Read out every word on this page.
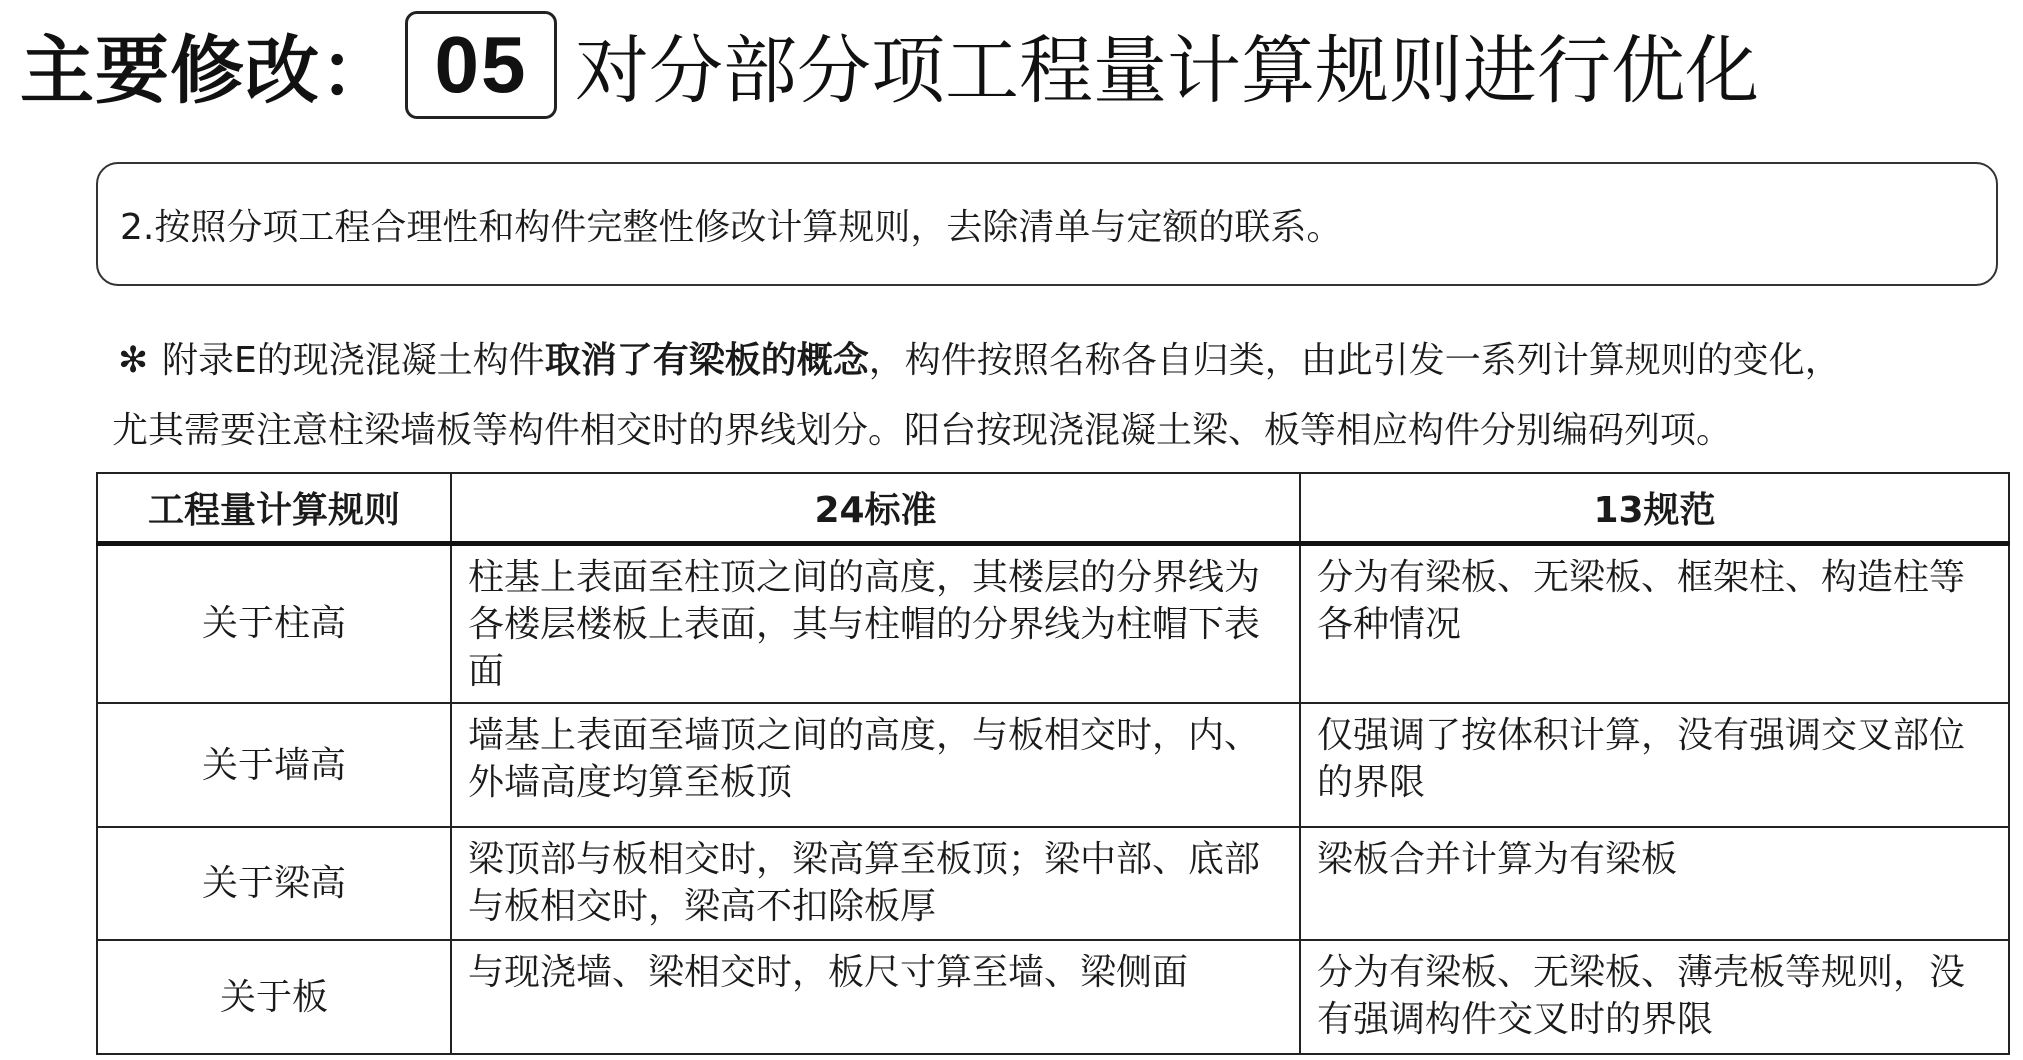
主要修改： 05 对分部分项工程量计算规则进行优化
2.按照分项工程合理性和构件完整性修改计算规则，去除清单与定额的联系。
✻ 附录E的现浇混凝土构件取消了有梁板的概念，构件按照名称各自归类，由此引发一系列计算规则的变化，
尤其需要注意柱梁墙板等构件相交时的界线划分。阳台按现浇混凝土梁、板等相应构件分别编码列项。
工程量计算规则	24标准	13规范
关于柱高	柱基上表面至柱顶之间的高度，其楼层的分界线为各楼层楼板上表面，其与柱帽的分界线为柱帽下表面	分为有梁板、无梁板、框架柱、构造柱等各种情况
关于墙高	墙基上表面至墙顶之间的高度，与板相交时，内、外墙高度均算至板顶	仅强调了按体积计算，没有强调交叉部位的界限
关于梁高	梁顶部与板相交时，梁高算至板顶；梁中部、底部与板相交时，梁高不扣除板厚	梁板合并计算为有梁板
关于板	与现浇墙、梁相交时，板尺寸算至墙、梁侧面	分为有梁板、无梁板、薄壳板等规则，没有强调构件交叉时的界限
